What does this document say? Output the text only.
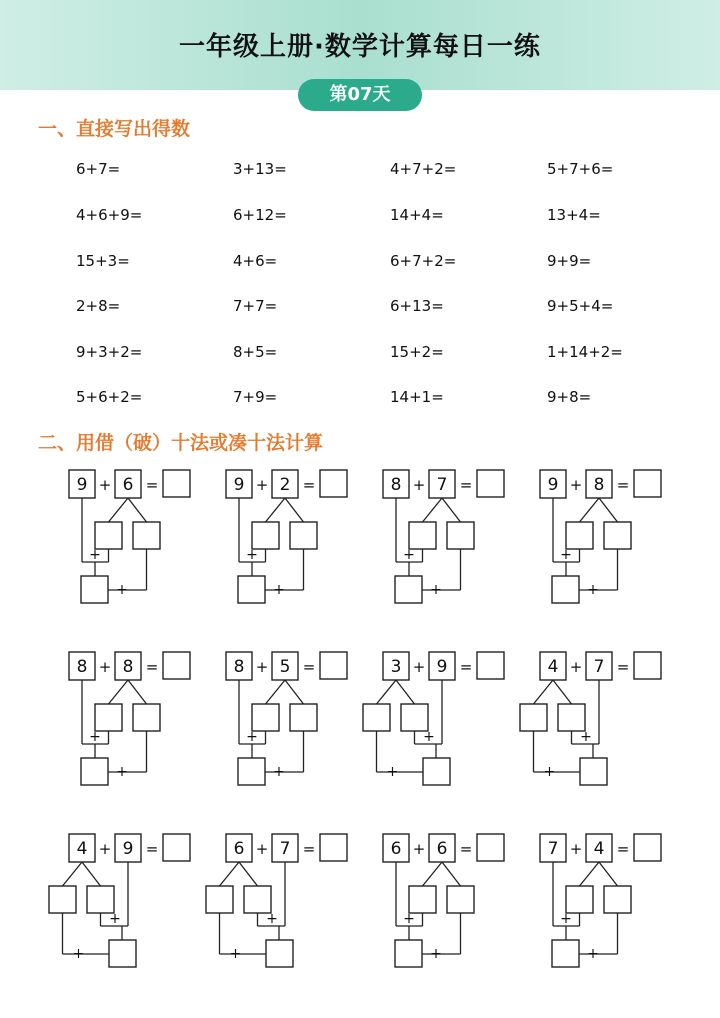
一年级上册·数学计算每日一练
第07天
一、直接写出得数
6+7=	3+13=	4+7+2=	5+7+6=
4+6+9=	6+12=	14+4=	13+4=
15+3=	4+6=	6+7+2=	9+9=
2+8=	7+7=	6+13=	9+5+4=
9+3+2=	8+5=	15+2=	1+14+2=
5+6+2=	7+9=	14+1=	9+8=
二、用借（破）十法或凑十法计算
9 + 6 =
+
+
9 + 2 =
+
+
8 + 7 =
+
+
9 + 8 =
+
+
8 + 8 =
+
+
8 + 5 =
+
+
3 + 9 =
+
+
4 + 7 =
+
+
4 + 9 =
+
+
6 + 7 =
+
+
6 + 6 =
+
+
7 + 4 =
+
+
